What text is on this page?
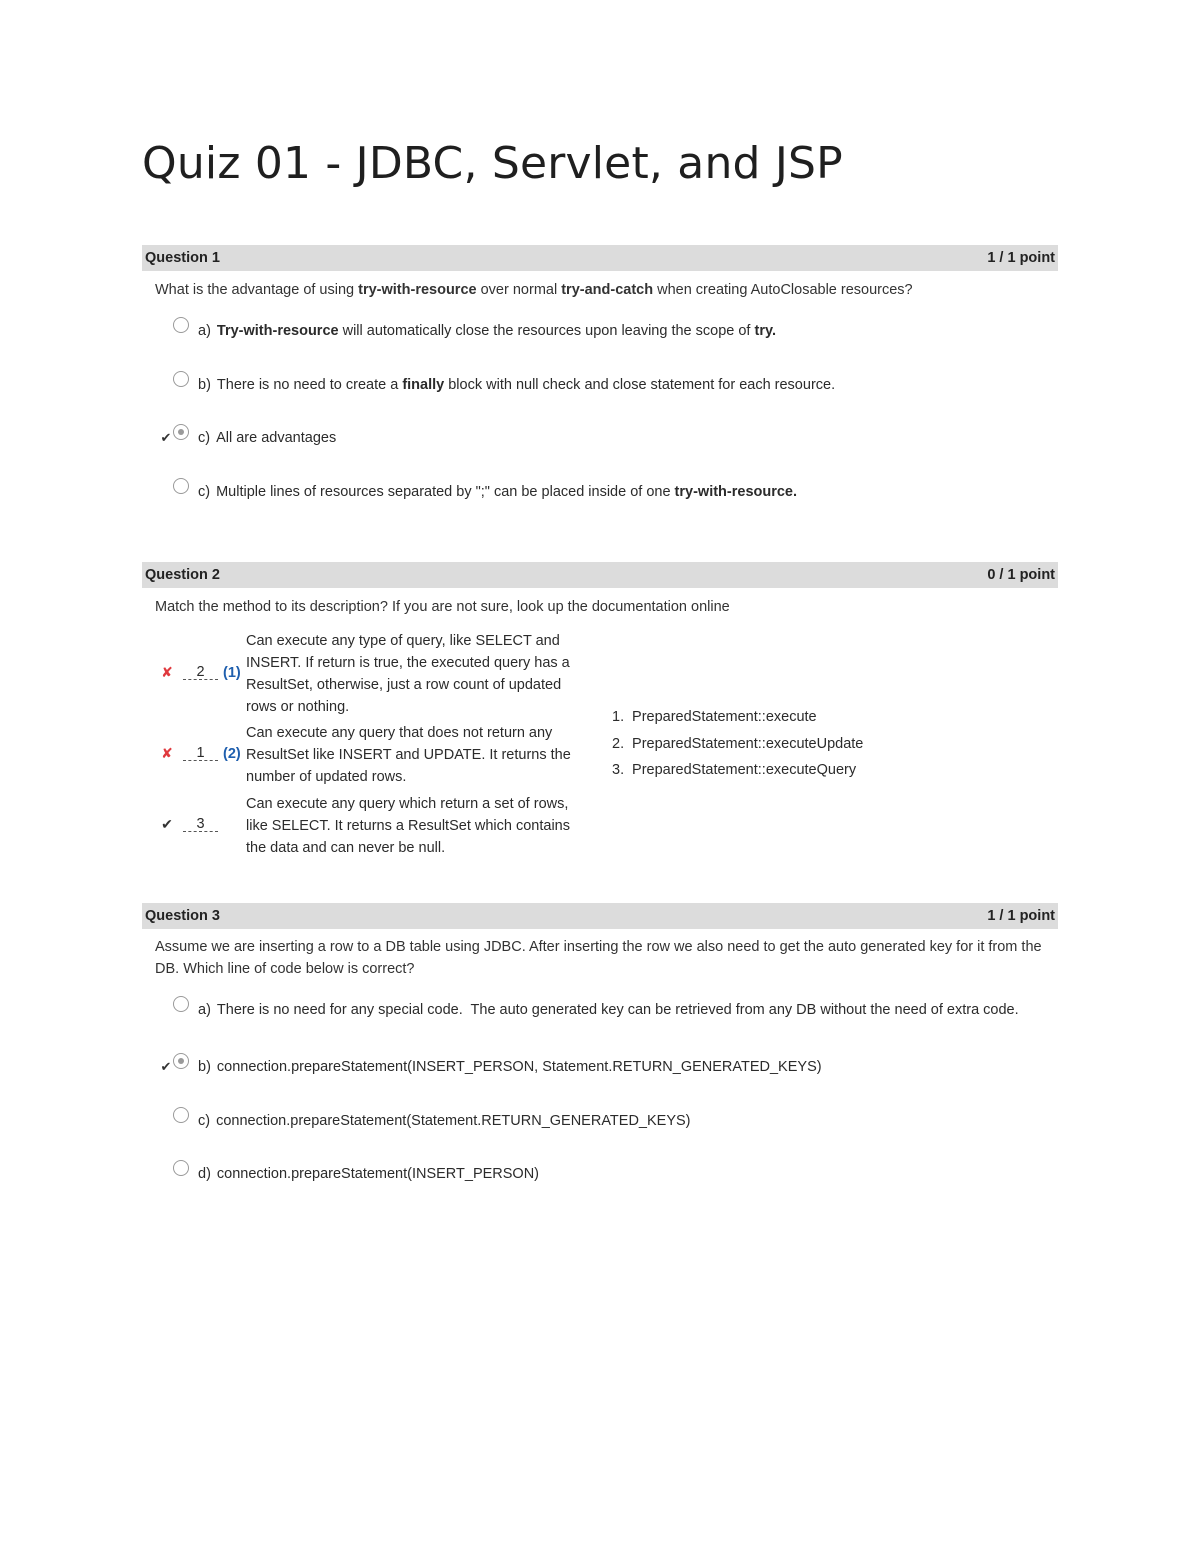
Quiz 01 - JDBC, Servlet, and JSP
Question 1	1 / 1 point

What is the advantage of using try-with-resource over normal try-and-catch when creating AutoClosable resources?

a) Try-with-resource will automatically close the resources upon leaving the scope of try.
b) There is no need to create a finally block with null check and close statement for each resource.
✔ c) All are advantages
c) Multiple lines of resources separated by ";" can be placed inside of one try-with-resource.
Question 2	0 / 1 point

Match the method to its description? If you are not sure, look up the documentation online

✘	2	(1)
Can execute any type of query, like SELECT and INSERT. If return is true, the executed query has a ResultSet, otherwise, just a row count of updated rows or nothing.
✘	1	(2)
Can execute any query that does not return any ResultSet like INSERT and UPDATE. It returns the number of updated rows.
✔	3
Can execute any query which return a set of rows, like SELECT. It returns a ResultSet which contains the data and can never be null.
1. PreparedStatement::execute
2. PreparedStatement::executeUpdate
3. PreparedStatement::executeQuery
Question 3	1 / 1 point

Assume we are inserting a row to a DB table using JDBC. After inserting the row we also need to get the auto generated key for it from the DB. Which line of code below is correct?

a) There is no need for any special code.  The auto generated key can be retrieved from any DB without the need of extra code.
✔ b) connection.prepareStatement(INSERT_PERSON, Statement.RETURN_GENERATED_KEYS)
c) connection.prepareStatement(Statement.RETURN_GENERATED_KEYS)
d) connection.prepareStatement(INSERT_PERSON)
